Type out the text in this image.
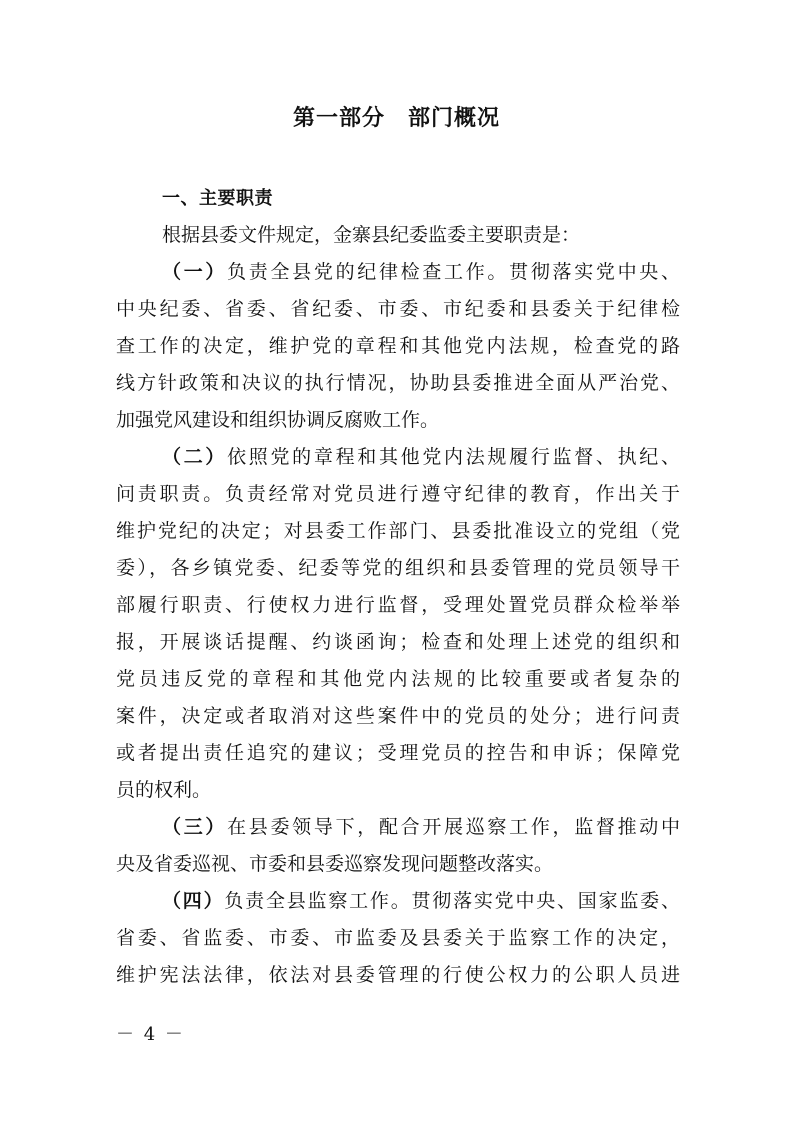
第一部分　部门概况
一、主要职责
根据县委文件规定，金寨县纪委监委主要职责是：
（一）负责全县党的纪律检查工作。贯彻落实党中央、
中央纪委、省委、省纪委、市委、市纪委和县委关于纪律检
查工作的决定，维护党的章程和其他党内法规，检查党的路
线方针政策和决议的执行情况，协助县委推进全面从严治党、
加强党风建设和组织协调反腐败工作。
（二）依照党的章程和其他党内法规履行监督、执纪、
问责职责。负责经常对党员进行遵守纪律的教育，作出关于
维护党纪的决定；对县委工作部门、县委批准设立的党组（党
委），各乡镇党委、纪委等党的组织和县委管理的党员领导干
部履行职责、行使权力进行监督，受理处置党员群众检举举
报，开展谈话提醒、约谈函询；检查和处理上述党的组织和
党员违反党的章程和其他党内法规的比较重要或者复杂的
案件，决定或者取消对这些案件中的党员的处分；进行问责
或者提出责任追究的建议；受理党员的控告和申诉；保障党
员的权利。
（三）在县委领导下，配合开展巡察工作，监督推动中
央及省委巡视、市委和县委巡察发现问题整改落实。
（四）负责全县监察工作。贯彻落实党中央、国家监委、
省委、省监委、市委、市监委及县委关于监察工作的决定，
维护宪法法律，依法对县委管理的行使公权力的公职人员进
－ 4 －
